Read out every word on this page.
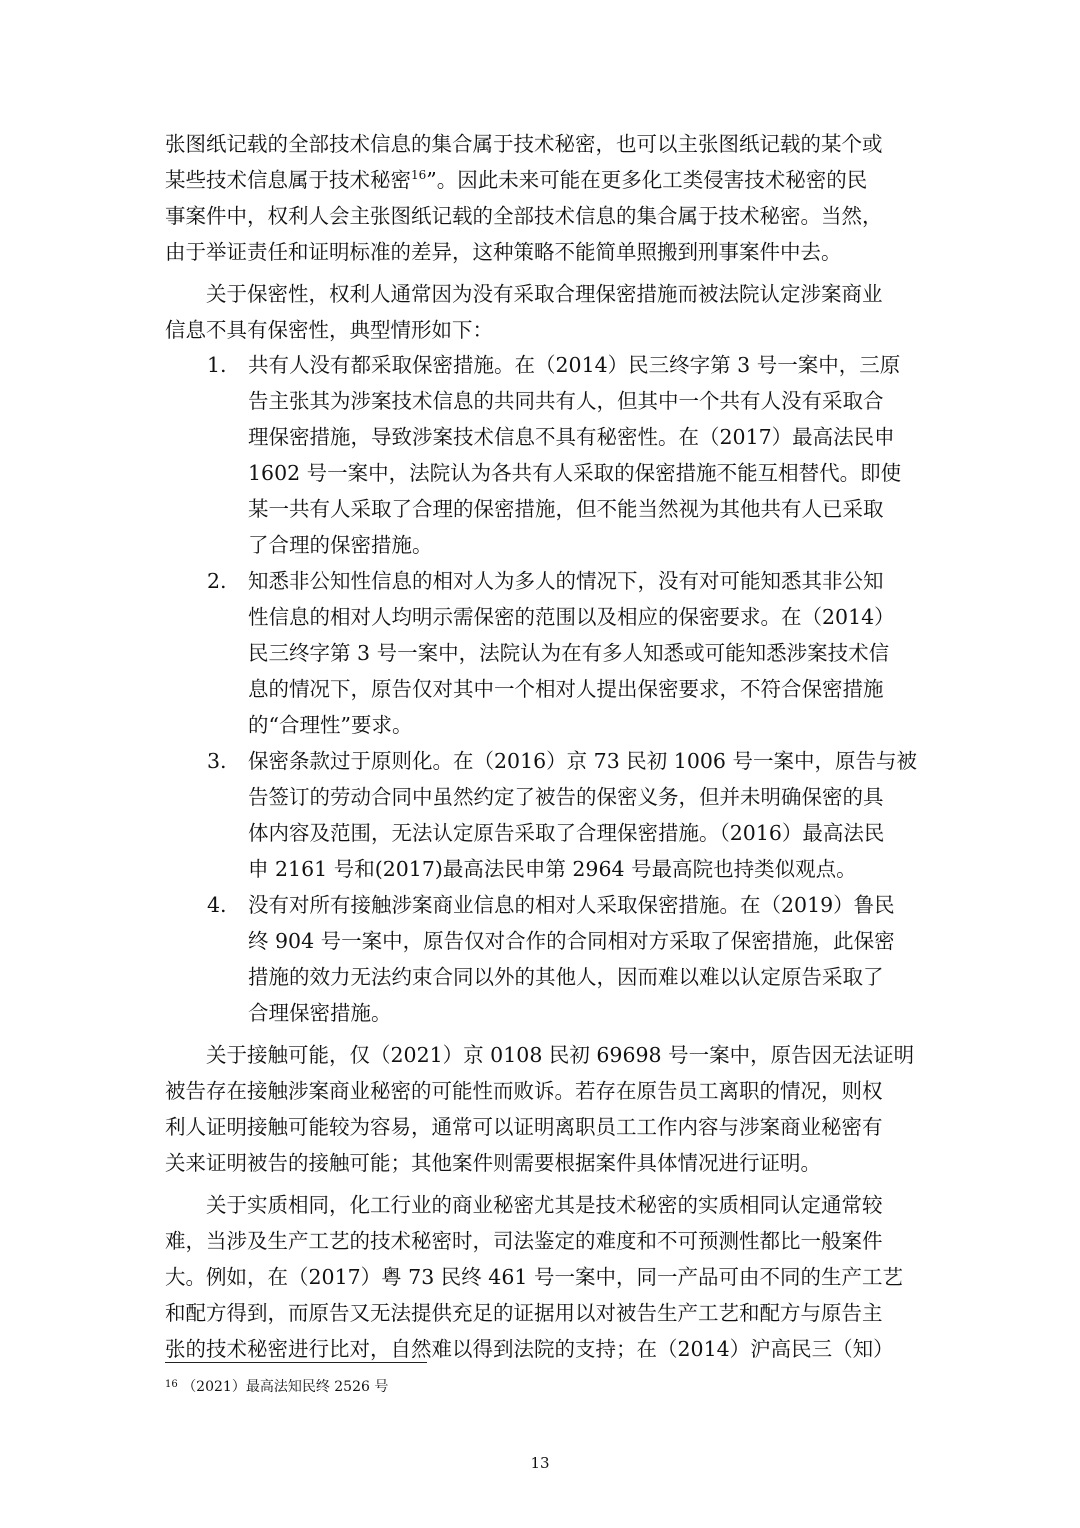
张图纸记载的全部技术信息的集合属于技术秘密，也可以主张图纸记载的某个或
某些技术信息属于技术秘密$^{16}$”。因此未来可能在更多化工类侵害技术秘密的民
事案件中，权利人会主张图纸记载的全部技术信息的集合属于技术秘密。当然，
由于举证责任和证明标准的差异，这种策略不能简单照搬到刑事案件中去。
关于保密性，权利人通常因为没有采取合理保密措施而被法院认定涉案商业
信息不具有保密性，典型情形如下：
1. 共有人没有都采取保密措施。在（2014）民三终字第 3 号一案中，三原
告主张其为涉案技术信息的共同共有人，但其中一个共有人没有采取合
理保密措施，导致涉案技术信息不具有秘密性。在（2017）最高法民申
1602 号一案中，法院认为各共有人采取的保密措施不能互相替代。即使
某一共有人采取了合理的保密措施，但不能当然视为其他共有人已采取
了合理的保密措施。
2. 知悉非公知性信息的相对人为多人的情况下，没有对可能知悉其非公知
性信息的相对人均明示需保密的范围以及相应的保密要求。在（2014）
民三终字第 3 号一案中，法院认为在有多人知悉或可能知悉涉案技术信
息的情况下，原告仅对其中一个相对人提出保密要求，不符合保密措施
的“合理性”要求。
3. 保密条款过于原则化。在（2016）京 73 民初 1006 号一案中，原告与被
告签订的劳动合同中虽然约定了被告的保密义务，但并未明确保密的具
体内容及范围，无法认定原告采取了合理保密措施。（2016）最高法民
申 2161 号和(2017)最高法民申第 2964 号最高院也持类似观点。
4. 没有对所有接触涉案商业信息的相对人采取保密措施。在（2019）鲁民
终 904 号一案中，原告仅对合作的合同相对方采取了保密措施，此保密
措施的效力无法约束合同以外的其他人，因而难以难以认定原告采取了
合理保密措施。
关于接触可能，仅（2021）京 0108 民初 69698 号一案中，原告因无法证明
被告存在接触涉案商业秘密的可能性而败诉。若存在原告员工离职的情况，则权
利人证明接触可能较为容易，通常可以证明离职员工工作内容与涉案商业秘密有
关来证明被告的接触可能；其他案件则需要根据案件具体情况进行证明。
关于实质相同，化工行业的商业秘密尤其是技术秘密的实质相同认定通常较
难，当涉及生产工艺的技术秘密时，司法鉴定的难度和不可预测性都比一般案件
大。例如，在（2017）粤 73 民终 461 号一案中，同一产品可由不同的生产工艺
和配方得到，而原告又无法提供充足的证据用以对被告生产工艺和配方与原告主
张的技术秘密进行比对，自然难以得到法院的支持；在（2014）沪高民三（知）
$^{16}$ （2021）最高法知民终 2526 号
13
